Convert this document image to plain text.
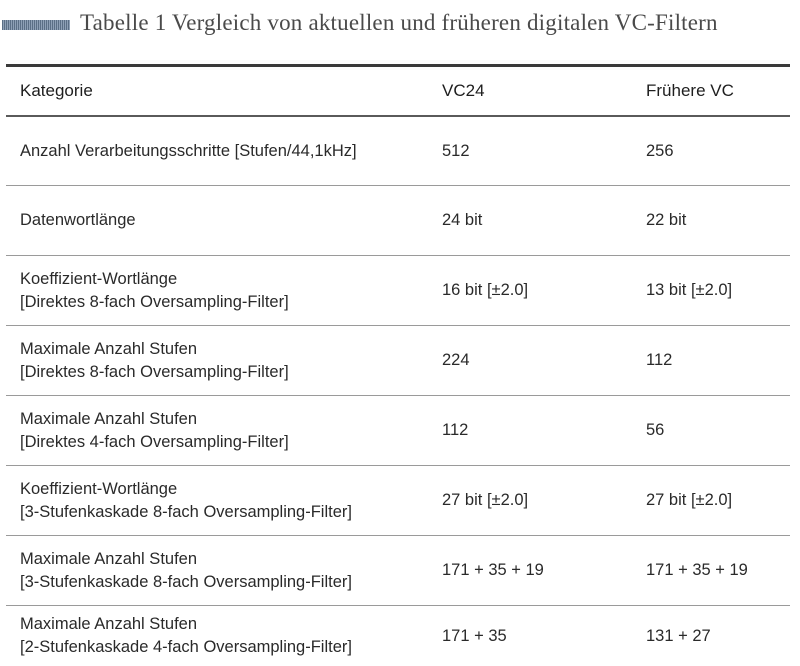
Tabelle 1 Vergleich von aktuellen und früheren digitalen VC-Filtern
Kategorie	VC24	Frühere VC
Anzahl Verarbeitungsschritte [Stufen/44,1kHz]	512	256
Datenwortlänge	24 bit	22 bit
Koeffizient-Wortlänge
[Direktes 8-fach Oversampling-Filter]
16 bit [±2.0]	13 bit [±2.0]
Maximale Anzahl Stufen
[Direktes 8-fach Oversampling-Filter]
224	112
Maximale Anzahl Stufen
[Direktes 4-fach Oversampling-Filter]
112	56
Koeffizient-Wortlänge
[3-Stufenkaskade 8-fach Oversampling-Filter]
27 bit [±2.0]	27 bit [±2.0]
Maximale Anzahl Stufen
[3-Stufenkaskade 8-fach Oversampling-Filter]
171 + 35 + 19	171 + 35 + 19
Maximale Anzahl Stufen
[2-Stufenkaskade 4-fach Oversampling-Filter]
171 + 35	131 + 27
